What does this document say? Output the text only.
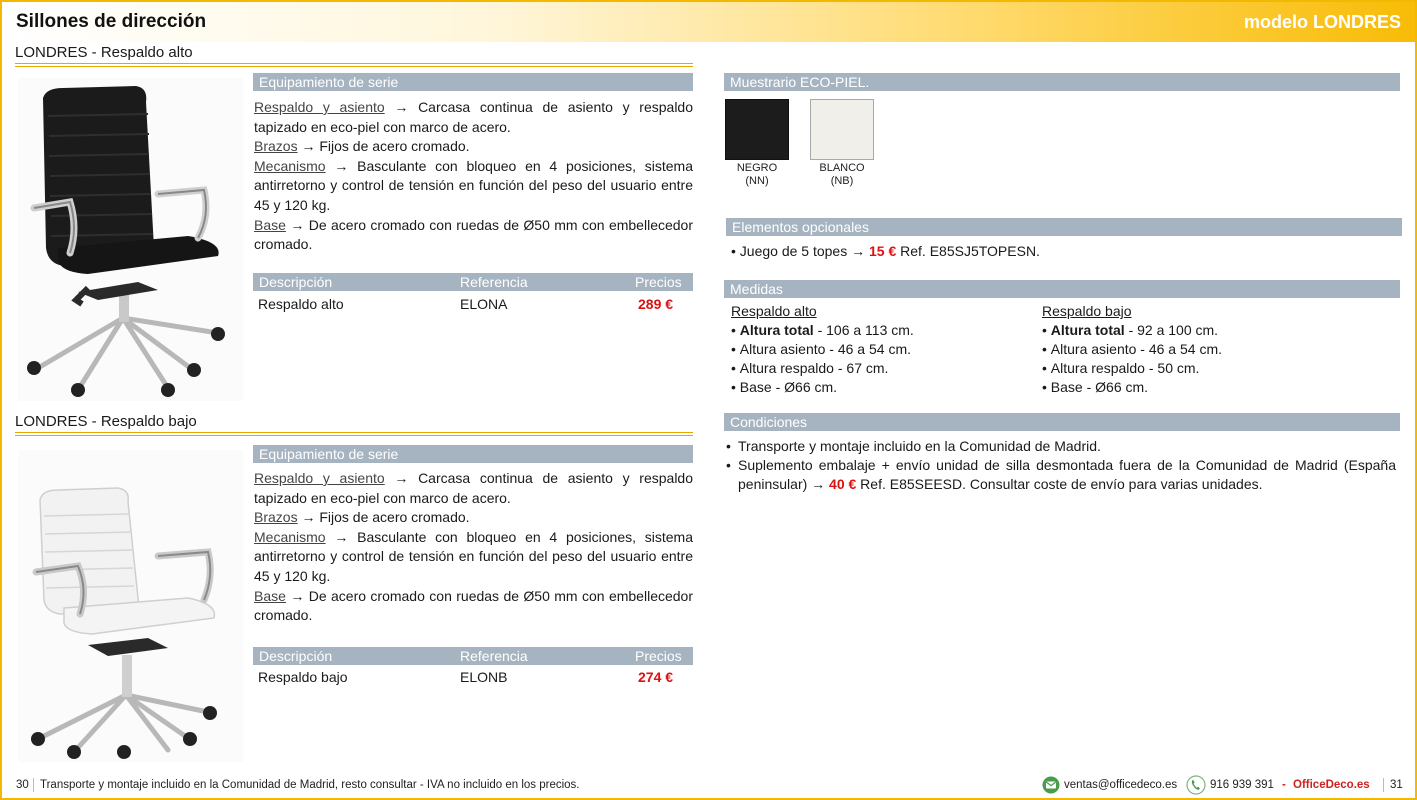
Sillones de dirección	modelo LONDRES
LONDRES - Respaldo alto
Equipamiento de serie

Respaldo y asiento → Carcasa continua de asiento y respaldo tapizado en eco-piel con marco de acero.

Brazos → Fijos de acero cromado.

Mecanismo → Basculante con bloqueo en 4 posiciones, sistema antirretorno y control de tensión en función del peso del usuario entre 45 y 120 kg.

Base → De acero cromado con ruedas de Ø50 mm con embellecedor cromado.

Descripción	Referencia	Precios
Respaldo alto	ELONA	289 €
LONDRES - Respaldo bajo
Equipamiento de serie

Respaldo y asiento → Carcasa continua de asiento y respaldo tapizado en eco-piel con marco de acero.

Brazos → Fijos de acero cromado.

Mecanismo → Basculante con bloqueo en 4 posiciones, sistema antirretorno y control de tensión en función del peso del usuario entre 45 y 120 kg.

Base → De acero cromado con ruedas de Ø50 mm con embellecedor cromado.

Descripción	Referencia	Precios
Respaldo bajo	ELONB	274 €
Muestrario ECO-PIEL.
NEGRO
(NN)
BLANCO
(NB)
Elementos opcionales
• Juego de 5 topes → 15 € Ref. E85SJ5TOPESN.
Medidas
Respaldo alto
• Altura total - 106 a 113 cm.
• Altura asiento - 46 a 54 cm.
• Altura respaldo - 67 cm.
• Base - Ø66 cm.
Respaldo bajo
• Altura total - 92 a 100 cm.
• Altura asiento - 46 a 54 cm.
• Altura respaldo - 50 cm.
• Base - Ø66 cm.
Condiciones
• Transporte y montaje incluido en la Comunidad de Madrid.
• Suplemento embalaje + envío unidad de silla desmontada fuera de la Comunidad de Madrid (España peninsular) → 40 € Ref. E85SEESD. Consultar coste de envío para varias unidades.
30 Transporte y montaje incluido en la Comunidad de Madrid, resto consultar - IVA no incluido en los precios.	ventas@officedeco.es	916 939 391 - OfficeDeco.es 31
